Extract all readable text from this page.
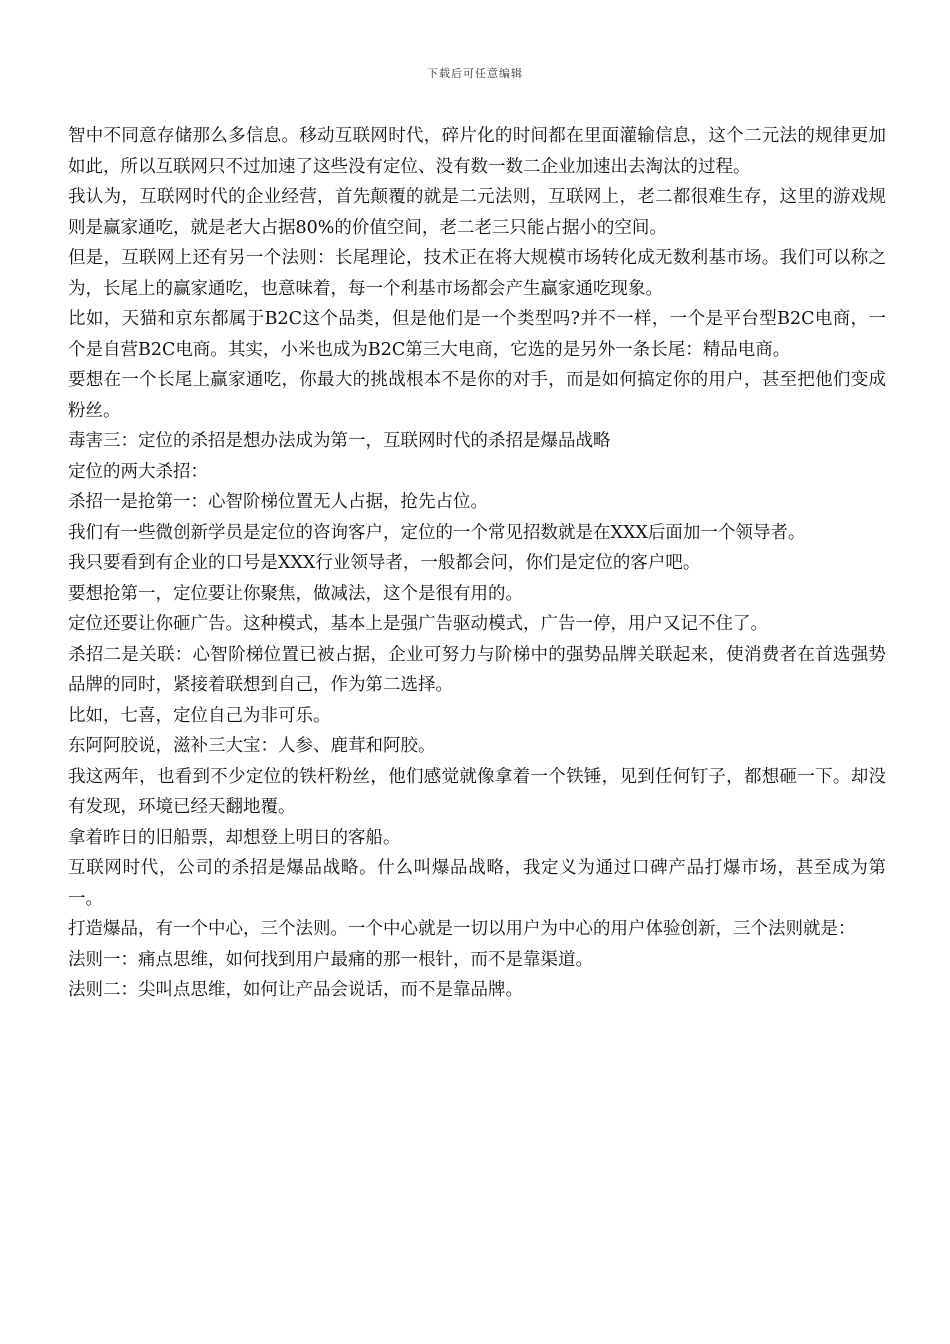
下载后可任意编辑

智中不同意存储那么多信息。移动互联网时代，碎片化的时间都在里面灌输信息，这个二元法的规律更加如此，所以互联网只不过加速了这些没有定位、没有数一数二企业加速出去淘汰的过程。

我认为，互联网时代的企业经营，首先颠覆的就是二元法则，互联网上，老二都很难生存，这里的游戏规则是赢家通吃，就是老大占据80%的价值空间，老二老三只能占据小的空间。

但是，互联网上还有另一个法则：长尾理论，技术正在将大规模市场转化成无数利基市场。我们可以称之为，长尾上的赢家通吃，也意味着，每一个利基市场都会产生赢家通吃现象。

比如，天猫和京东都属于B2C这个品类，但是他们是一个类型吗?并不一样，一个是平台型B2C电商，一个是自营B2C电商。其实，小米也成为B2C第三大电商，它选的是另外一条长尾：精品电商。

要想在一个长尾上赢家通吃，你最大的挑战根本不是你的对手，而是如何搞定你的用户，甚至把他们变成粉丝。

毒害三：定位的杀招是想办法成为第一，互联网时代的杀招是爆品战略

定位的两大杀招：

杀招一是抢第一：心智阶梯位置无人占据，抢先占位。

我们有一些微创新学员是定位的咨询客户，定位的一个常见招数就是在XXX后面加一个领导者。

我只要看到有企业的口号是XXX行业领导者，一般都会问，你们是定位的客户吧。

要想抢第一，定位要让你聚焦，做减法，这个是很有用的。

定位还要让你砸广告。这种模式，基本上是强广告驱动模式，广告一停，用户又记不住了。

杀招二是关联：心智阶梯位置已被占据，企业可努力与阶梯中的强势品牌关联起来，使消费者在首选强势品牌的同时，紧接着联想到自己，作为第二选择。

比如，七喜，定位自己为非可乐。

东阿阿胶说，滋补三大宝：人参、鹿茸和阿胶。

我这两年，也看到不少定位的铁杆粉丝，他们感觉就像拿着一个铁锤，见到任何钉子，都想砸一下。却没有发现，环境已经天翻地覆。

拿着昨日的旧船票，却想登上明日的客船。

互联网时代，公司的杀招是爆品战略。什么叫爆品战略，我定义为通过口碑产品打爆市场，甚至成为第一。

打造爆品，有一个中心，三个法则。一个中心就是一切以用户为中心的用户体验创新，三个法则就是：

法则一：痛点思维，如何找到用户最痛的那一根针，而不是靠渠道。

法则二：尖叫点思维，如何让产品会说话，而不是靠品牌。
